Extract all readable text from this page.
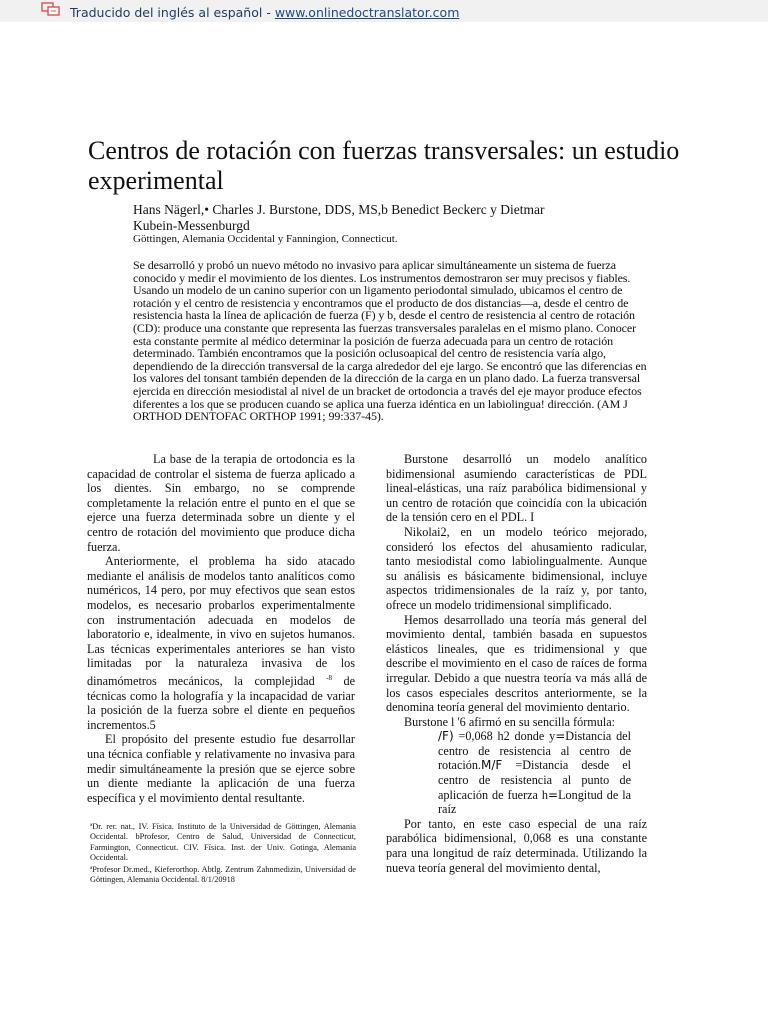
Traducido del inglés al español - www.onlinedoctranslator.com
Centros de rotación con fuerzas transversales: un estudio experimental
Hans Nägerl,• Charles J. Burstone, DDS, MS,b Benedict Beckerc y Dietmar Kubein-Messenburgd
Göttingen, Alemania Occidental y Fanningion, Connecticut.
Se desarrolló y probó un nuevo método no invasivo para aplicar simultáneamente un sistema de fuerza conocido y medir el movimiento de los dientes. Los instrumentos demostraron ser muy precisos y fiables. Usando un modelo de un canino superior con un ligamento periodontal simulado, ubicamos el centro de rotación y el centro de resistencia y encontramos que el producto de dos distancias—a, desde el centro de resistencia hasta la línea de aplicación de fuerza (F) y b, desde el centro de resistencia al centro de rotación (CD): produce una constante que representa las fuerzas transversales paralelas en el mismo plano. Conocer esta constante permite al médico determinar la posición de fuerza adecuada para un centro de rotación determinado. También encontramos que la posición oclusoapical del centro de resistencia varía algo, dependiendo de la dirección transversal de la carga alrededor del eje largo. Se encontró que las diferencias en los valores del tonsant también dependen de la dirección de la carga en un plano dado. La fuerza transversal ejercida en dirección mesiodistal al nivel de un bracket de ortodoncia a través del eje mayor produce efectos diferentes a los que se producen cuando se aplica una fuerza idéntica en un labiolingua! dirección. (AM J ORTHOD DENTOFAC ORTHOP 1991; 99:337-45).

La base de la terapia de ortodoncia es la capacidad de controlar el sistema de fuerza aplicado a los dientes. Sin embargo, no se comprende completamente la relación entre el punto en el que se ejerce una fuerza determinada sobre un diente y el centro de rotación del movimiento que produce dicha fuerza.

Anteriormente, el problema ha sido atacado mediante el análisis de modelos tanto analíticos como numéricos, 14 pero, por muy efectivos que sean estos modelos, es necesario probarlos experimentalmente con instrumentación adecuada en modelos de laboratorio e, idealmente, in vivo en sujetos humanos. Las técnicas experimentales anteriores se han visto limitadas por la naturaleza invasiva de los dinamómetros mecánicos, la complejidad $^{-8}$ de técnicas como la holografía y la incapacidad de variar la posición de la fuerza sobre el diente en pequeños incrementos.5

El propósito del presente estudio fue desarrollar una técnica confiable y relativamente no invasiva para medir simultáneamente la presión que se ejerce sobre un diente mediante la aplicación de una fuerza específica y el movimiento dental resultante.

ªDr. rer. nat., IV. Física. Instituto de la Universidad de Göttingen, Alemania Occidental. bProfesor, Centro de Salud, Universidad de Connecticut, Farmington, Connecticut. CIV. Física. Inst. der Univ. Gotinga, Alemania Occidental.

ªProfesor Dr.med., Kieferorthop. Abtlg. Zentrum Zahnmedizin, Universidad de Göttingen, Alemania Occidental. 8/1/20918

Burstone desarrolló un modelo analítico bidimensional asumiendo características de PDL lineal-elásticas, una raíz parabólica bidimensional y un centro de rotación que coincidía con la ubicación de la tensión cero en el PDL. I

Nikolai2, en un modelo teórico mejorado, consideró los efectos del ahusamiento radicular, tanto mesiodistal como labiolingualmente. Aunque su análisis es básicamente bidimensional, incluye aspectos tridimensionales de la raíz y, por tanto, ofrece un modelo tridimensional simplificado.

Hemos desarrollado una teoría más general del movimiento dental, también basada en supuestos elásticos lineales, que es tridimensional y que describe el movimiento en el caso de raíces de forma irregular. Debido a que nuestra teoría va más allá de los casos especiales descritos anteriormente, se la denomina teoría general del movimiento dentario.

Burstone l '6 afirmó en su sencilla fórmula:

/F) =0,068 h2 donde y=Distancia del centro de resistencia al centro de rotación.M/F =Distancia desde el centro de resistencia al punto de aplicación de fuerza h=Longitud de la raíz

Por tanto, en este caso especial de una raíz parabólica bidimensional, 0,068 es una constante para una longitud de raíz determinada. Utilizando la nueva teoría general del movimiento dental,
